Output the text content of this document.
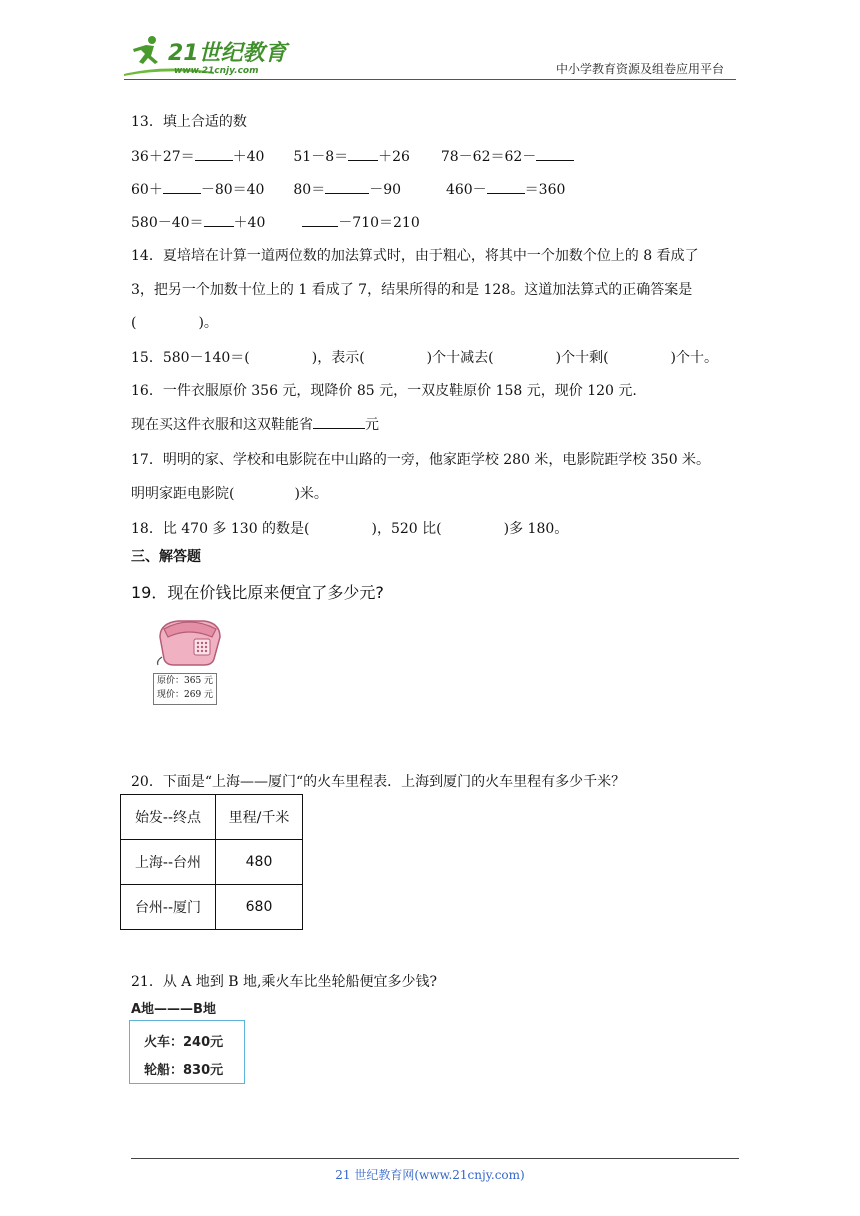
21世纪教育
www.21cnjy.com	中小学教育资源及组卷应用平台
13．填上合适的数
36＋27＝	＋40 51－8＝ ＋26 78－62＝62－
60＋	－80＝40 80＝	－90	460－	＝360
580－40＝ ＋40	－710＝210
14．夏培培在计算一道两位数的加法算式时，由于粗心，将其中一个加数个位上的 8 看成了
3，把另一个加数十位上的 1 看成了 7，结果所得的和是 128。这道加法算式的正确答案是
(	)。
15．580－140＝(	)，表示(	)个十减去(	)个十剩(	)个十。
16．一件衣服原价 356 元，现降价 85 元，一双皮鞋原价 158 元，现价 120 元.
现在买这件衣服和这双鞋能省	元
17．明明的家、学校和电影院在中山路的一旁，他家距学校 280 米，电影院距学校 350 米。
明明家距电影院(	)米。
18．比 470 多 130 的数是(	)，520 比(	)多 180。
三、解答题
19．现在价钱比原来便宜了多少元?
原价：365 元
现价：269 元
20．下面是“上海——厦门“的火车里程表．上海到厦门的火车里程有多少千米？
始发--终点	里程/千米
上海--台州	480
台州--厦门	680
21．从 A 地到 B 地,乘火车比坐轮船便宜多少钱?
A地———B地
火车：240元
轮船：830元
21 世纪教育网(www.21cnjy.com)
